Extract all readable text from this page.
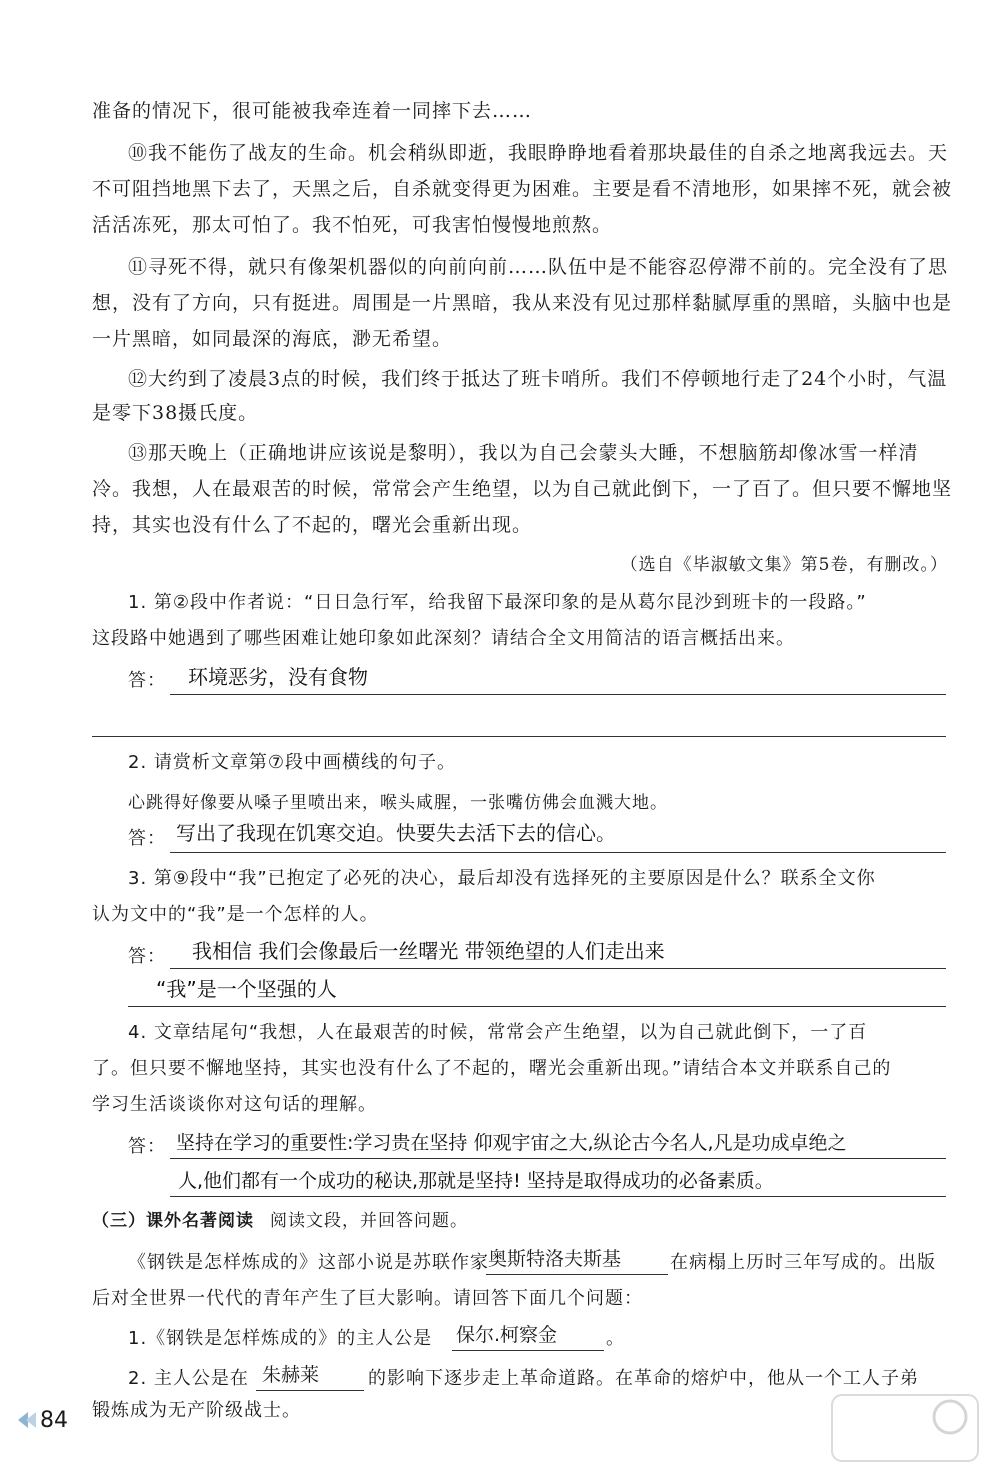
准备的情况下，很可能被我牵连着一同摔下去……
⑩我不能伤了战友的生命。机会稍纵即逝，我眼睁睁地看着那块最佳的自杀之地离我远去。天
不可阻挡地黑下去了，天黑之后，自杀就变得更为困难。主要是看不清地形，如果摔不死，就会被
活活冻死，那太可怕了。我不怕死，可我害怕慢慢地煎熬。
⑪寻死不得，就只有像架机器似的向前向前……队伍中是不能容忍停滞不前的。完全没有了思
想，没有了方向，只有挺进。周围是一片黑暗，我从来没有见过那样黏腻厚重的黑暗，头脑中也是
一片黑暗，如同最深的海底，渺无希望。
⑫大约到了凌晨3点的时候，我们终于抵达了班卡哨所。我们不停顿地行走了24个小时，气温
是零下38摄氏度。
⑬那天晚上（正确地讲应该说是黎明），我以为自己会蒙头大睡，不想脑筋却像冰雪一样清
冷。我想，人在最艰苦的时候，常常会产生绝望，以为自己就此倒下，一了百了。但只要不懈地坚
持，其实也没有什么了不起的，曙光会重新出现。
（选自《毕淑敏文集》第5卷，有删改。）
1. 第②段中作者说：“日日急行军，给我留下最深印象的是从葛尔昆沙到班卡的一段路。”
这段路中她遇到了哪些困难让她印象如此深刻？请结合全文用简洁的语言概括出来。
答： 环境恶劣，没有食物
2. 请赏析文章第⑦段中画横线的句子。
心跳得好像要从嗓子里喷出来，喉头咸腥，一张嘴仿佛会血溅大地。
答： 写出了我现在饥寒交迫。快要失去活下去的信心。
3. 第⑨段中“我”已抱定了必死的决心，最后却没有选择死的主要原因是什么？联系全文你
认为文中的“我”是一个怎样的人。
答： 我相信 我们会像最后一丝曙光 带领绝望的人们走出来
“我”是一个坚强的人
4. 文章结尾句“我想，人在最艰苦的时候，常常会产生绝望，以为自己就此倒下，一了百
了。但只要不懈地坚持，其实也没有什么了不起的，曙光会重新出现。”请结合本文并联系自己的
学习生活谈谈你对这句话的理解。
答： 坚持在学习的重要性:学习贵在坚持 仰观宇宙之大,纵论古今名人,凡是功成卓绝之
人,他们都有一个成功的秘诀,那就是坚持! 坚持是取得成功的必备素质。
（三）课外名著阅读 阅读文段，并回答问题。
《钢铁是怎样炼成的》这部小说是苏联作家 奥斯特洛夫斯基	在病榻上历时三年写成的。出版
后对全世界一代代的青年产生了巨大影响。请回答下面几个问题：
1.《钢铁是怎样炼成的》的主人公是 保尔.柯察金	。
2. 主人公是在 朱赫莱	的影响下逐步走上革命道路。在革命的熔炉中，他从一个工人子弟
锻炼成为无产阶级战士。
84
